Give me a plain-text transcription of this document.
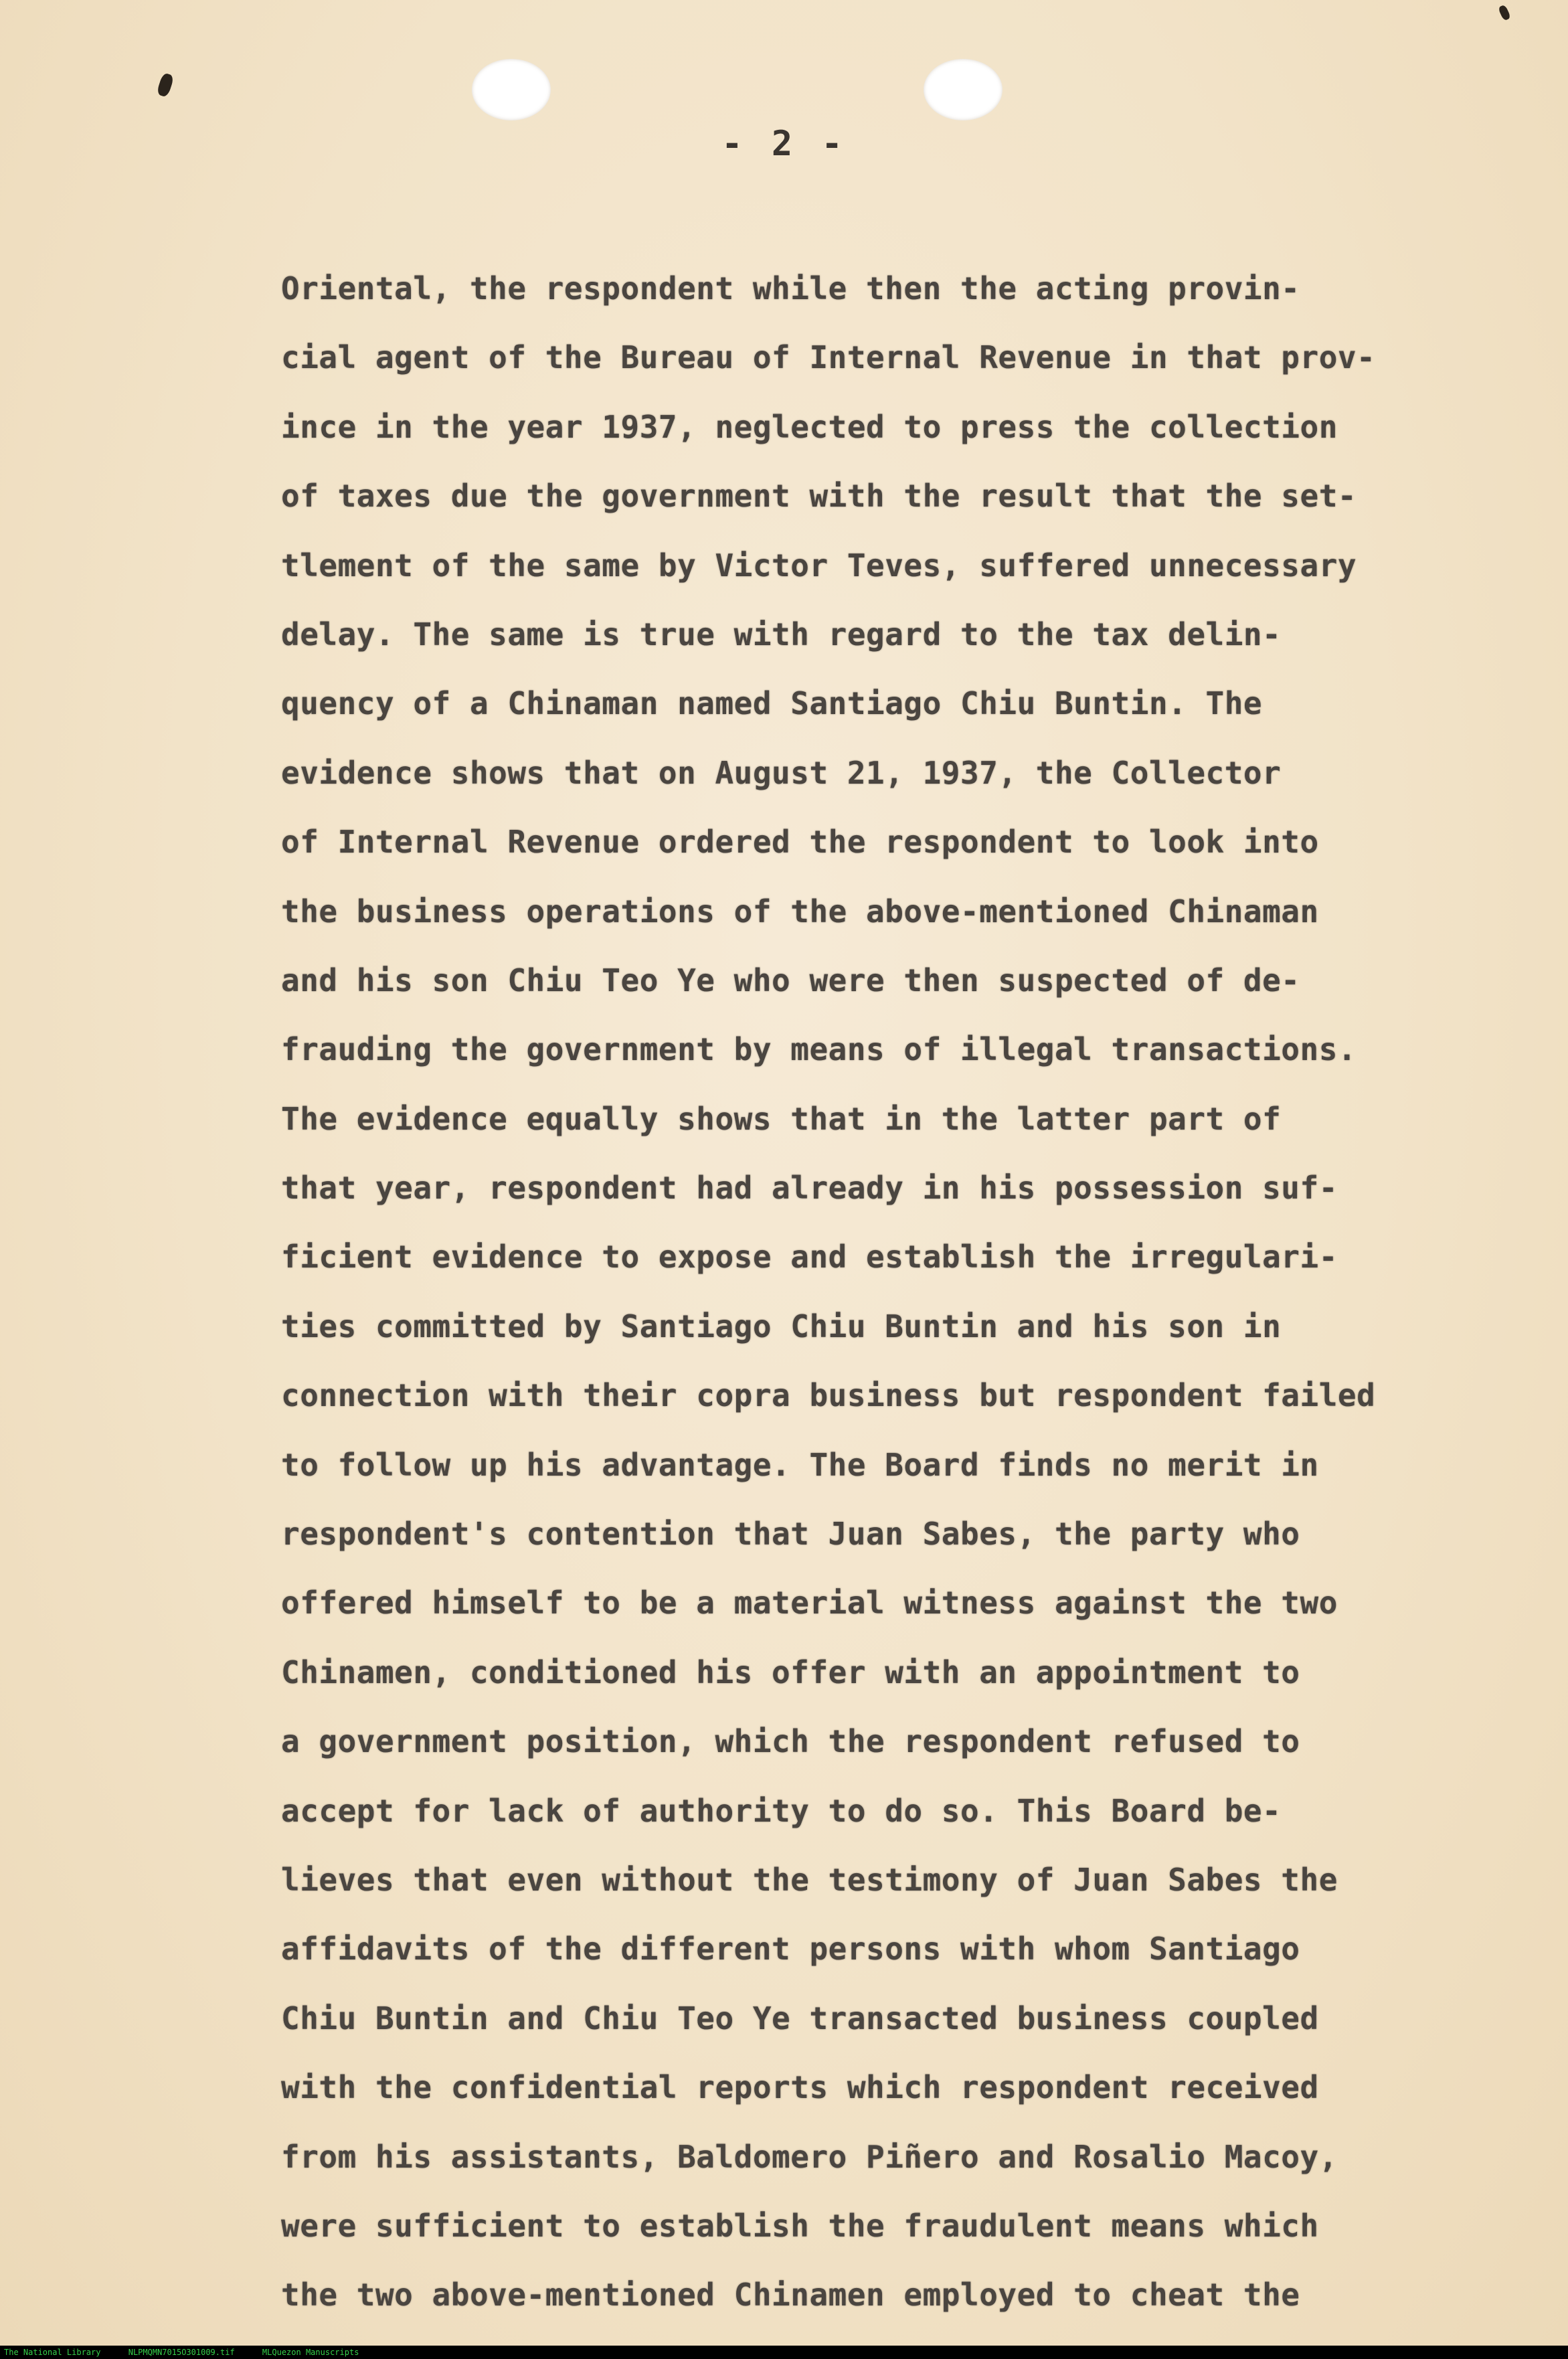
- 2 -
Oriental, the respondent while then the acting provin-
cial agent of the Bureau of Internal Revenue in that prov-
ince in the year 1937, neglected to press the collection
of taxes due the government with the result that the set-
tlement of the same by Victor Teves, suffered unnecessary
delay. The same is true with regard to the tax delin-
quency of a Chinaman named Santiago Chiu Buntin. The
evidence shows that on August 21, 1937, the Collector
of Internal Revenue ordered the respondent to look into
the business operations of the above-mentioned Chinaman
and his son Chiu Teo Ye who were then suspected of de-
frauding the government by means of illegal transactions.
The evidence equally shows that in the latter part of
that year, respondent had already in his possession suf-
ficient evidence to expose and establish the irregulari-
ties committed by Santiago Chiu Buntin and his son in
connection with their copra business but respondent failed
to follow up his advantage. The Board finds no merit in
respondent's contention that Juan Sabes, the party who
offered himself to be a material witness against the two
Chinamen, conditioned his offer with an appointment to
a government position, which the respondent refused to
accept for lack of authority to do so. This Board be-
lieves that even without the testimony of Juan Sabes the
affidavits of the different persons with whom Santiago
Chiu Buntin and Chiu Teo Ye transacted business coupled
with the confidential reports which respondent received
from his assistants, Baldomero Piñero and Rosalio Macoy,
were sufficient to establish the fraudulent means which
the two above-mentioned Chinamen employed to cheat the
The National Library	NLPMQMN7015O301009.tif	MLQuezon Manuscripts
